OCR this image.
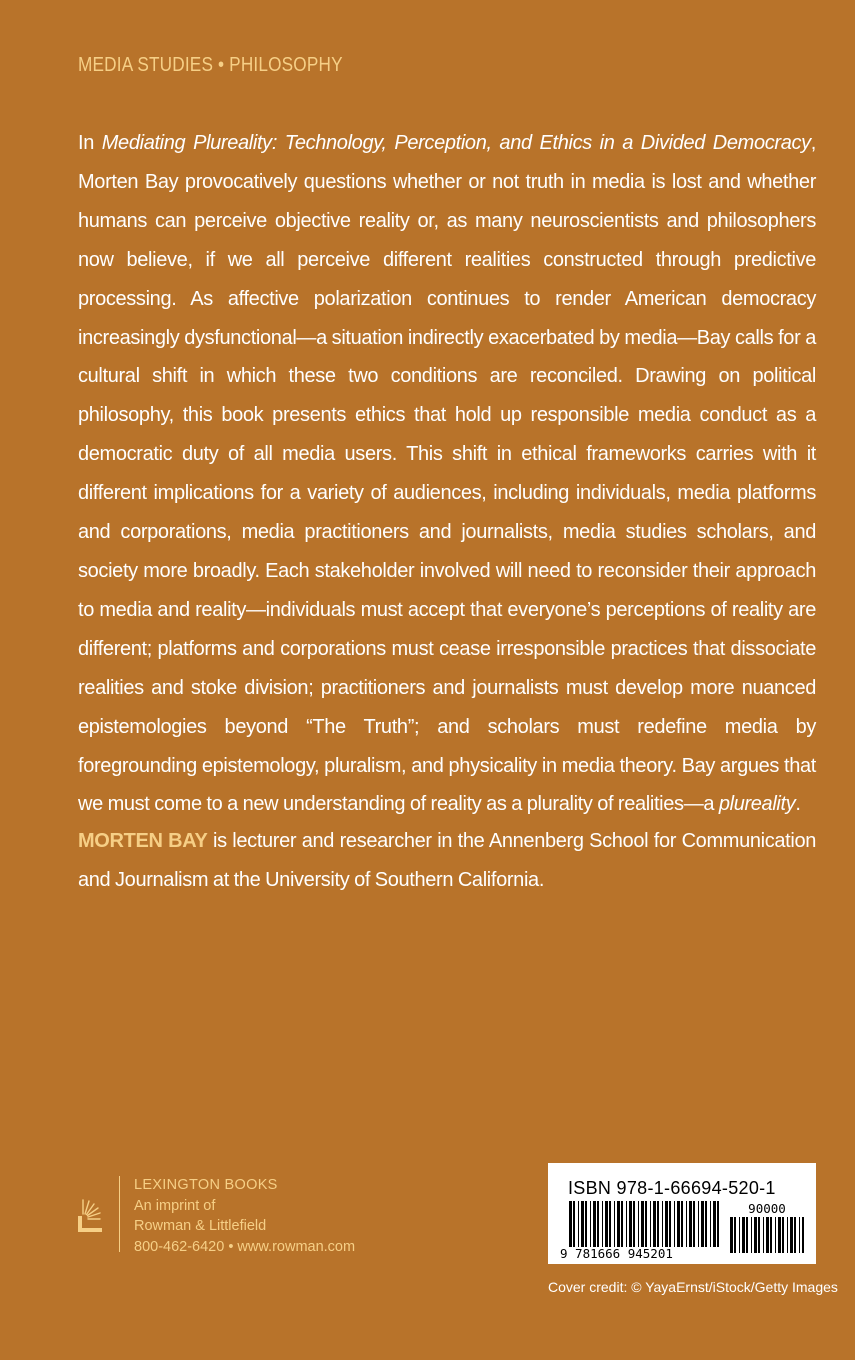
MEDIA STUDIES • PHILOSOPHY

In Mediating Plureality: Technology, Perception, and Ethics in a Divided Democracy, Morten Bay provocatively questions whether or not truth in media is lost and whether humans can perceive objective reality or, as many neuroscientists and philosophers now believe, if we all perceive different realities constructed through predictive processing. As affective polarization continues to render American democracy increasingly dysfunctional—a situation indirectly exacerbated by media—Bay calls for a cultural shift in which these two conditions are reconciled. Drawing on political philosophy, this book presents ethics that hold up responsible media conduct as a democratic duty of all media users. This shift in ethical frameworks carries with it different implications for a variety of audiences, including individuals, media platforms and corporations, media practitioners and journalists, media studies scholars, and society more broadly. Each stakeholder involved will need to reconsider their approach to media and reality—individuals must accept that everyone’s perceptions of reality are different; platforms and corporations must cease irresponsible practices that dissociate realities and stoke division; practitioners and journalists must develop more nuanced epistemologies beyond “The Truth”; and scholars must redefine media by foregrounding epistemology, pluralism, and physicality in media theory. Bay argues that we must come to a new understanding of reality as a plurality of realities—a plureality.

MORTEN BAY is lecturer and researcher in the Annenberg School for Communication and Journalism at the University of Southern California.

LEXINGTON BOOKS
An imprint of
Rowman & Littlefield
800-462-6420 • www.rowman.com
ISBN 978-1-66694-520-1
9 781666 945201
90000
Cover credit: © YayaErnst/iStock/Getty Images
